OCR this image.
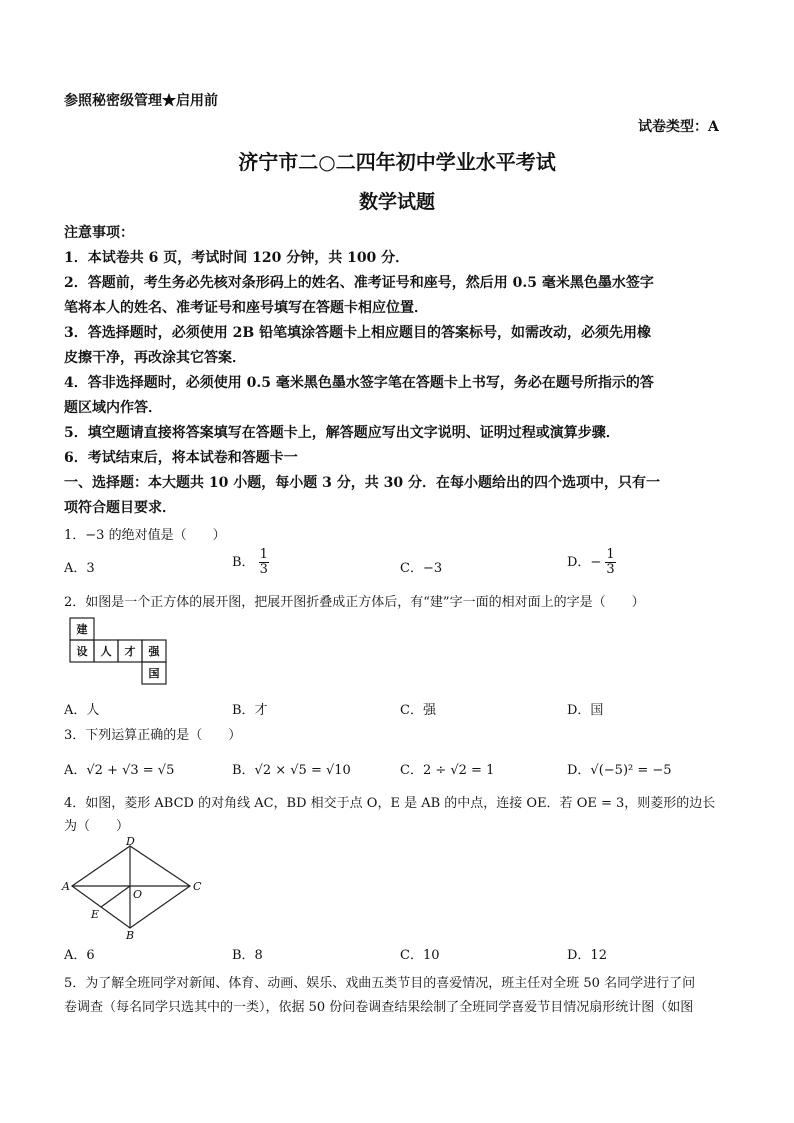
参照秘密级管理★启用前
试卷类型：A
济宁市二○二四年初中学业水平考试
数学试题
注意事项：
1．本试卷共 6 页，考试时间 120 分钟，共 100 分．
2．答题前，考生务必先核对条形码上的姓名、准考证号和座号，然后用 0.5 毫米黑色墨水签字
笔将本人的姓名、准考证号和座号填写在答题卡相应位置．
3．答选择题时，必须使用 2B 铅笔填涂答题卡上相应题目的答案标号，如需改动，必须先用橡
皮擦干净，再改涂其它答案．
4．答非选择题时，必须使用 0.5 毫米黑色墨水签字笔在答题卡上书写，务必在题号所指示的答
题区域内作答．
5．填空题请直接将答案填写在答题卡上，解答题应写出文字说明、证明过程或演算步骤．
6．考试结束后，将本试卷和答题卡一
一、选择题：本大题共 10 小题，每小题 3 分，共 30 分．在每小题给出的四个选项中，只有一
项符合题目要求．
1．−3 的绝对值是（　　）
A．3	B． $\frac{1}{3}$	C．−3	D．− $\frac{1}{3}$
2．如图是一个正方体的展开图，把展开图折叠成正方体后，有“建”字一面的相对面上的字是（　　）
建
设 人 才 强
国
A．人	B．才	C．强	D．国
3．下列运算正确的是（　　）
A．√2 + √3 = √5	B．√2 × √5 = √10	C．2 ÷ √2 = 1	D．√(−5)² = −5
4．如图，菱形 ABCD 的对角线 AC，BD 相交于点 O，E 是 AB 的中点，连接 OE．若 OE = 3，则菱形的边长
为（　　）
A
B
C
D
O
E
A．6	B．8	C．10	D．12
5．为了解全班同学对新闻、体育、动画、娱乐、戏曲五类节目的喜爱情况，班主任对全班 50 名同学进行了问
卷调查（每名同学只选其中的一类），依据 50 份问卷调查结果绘制了全班同学喜爱节目情况扇形统计图（如图
